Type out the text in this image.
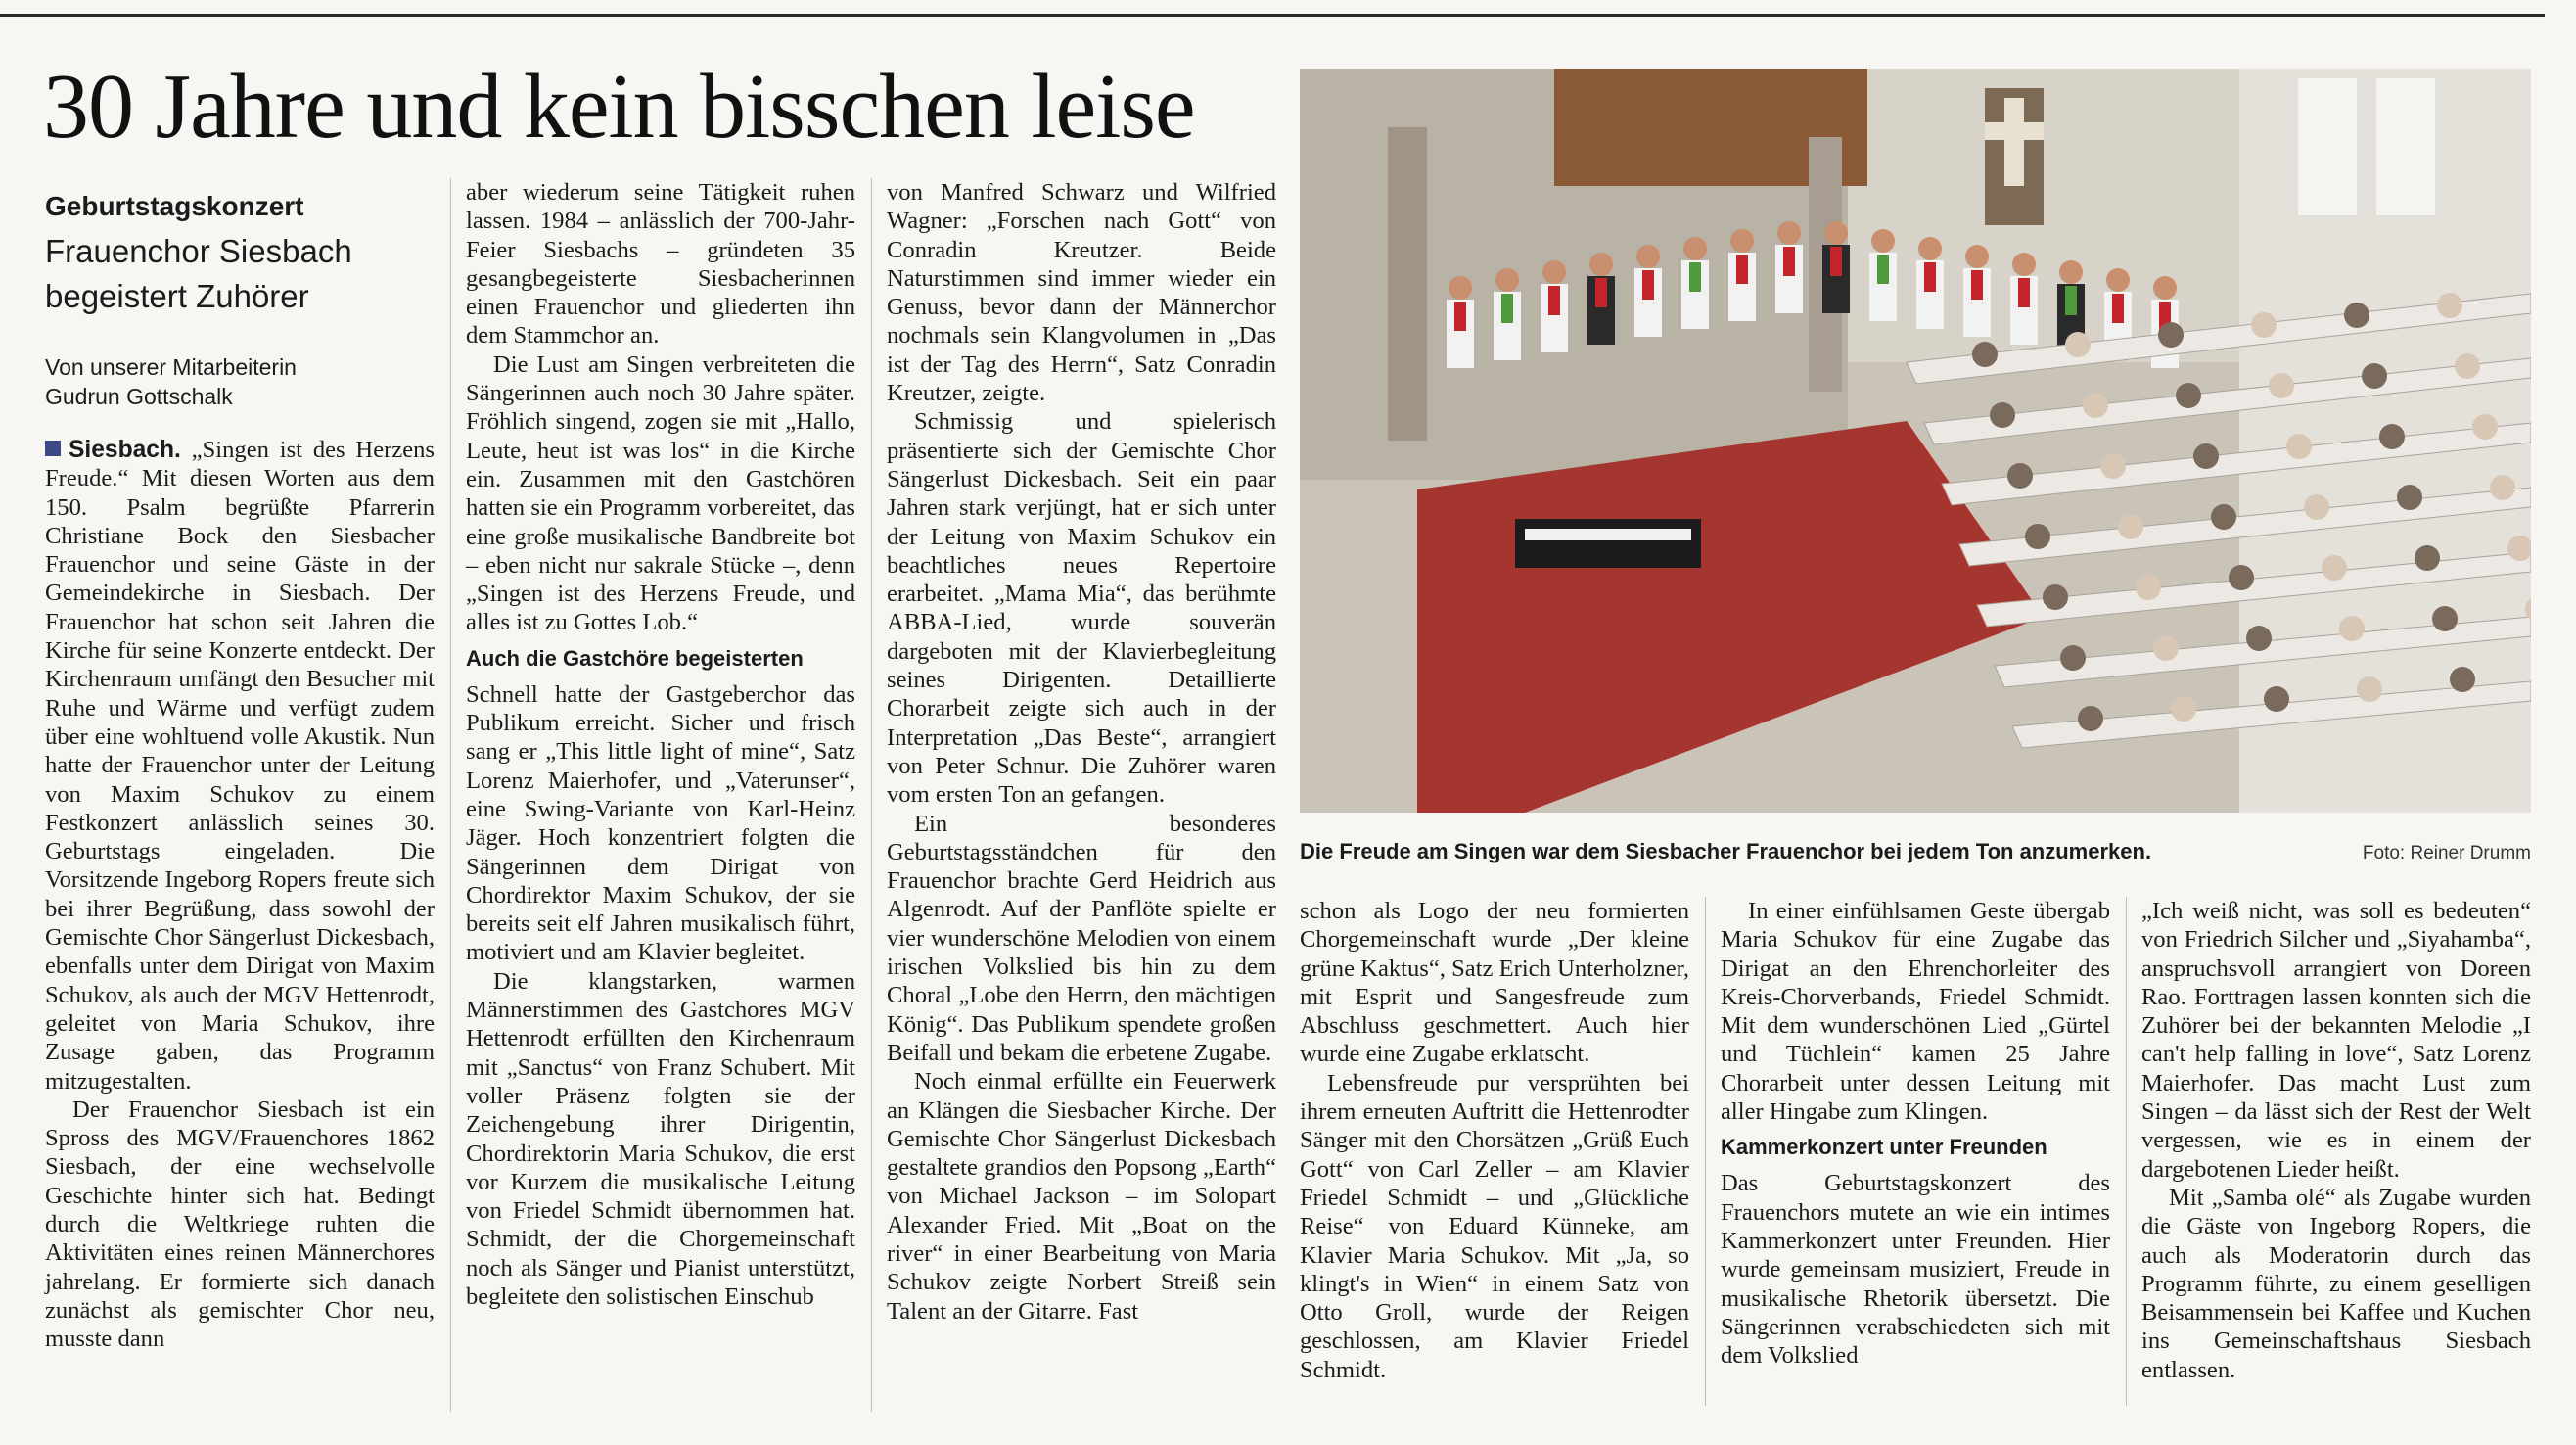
30 Jahre und kein bisschen leise
Geburtstagskonzert
Frauenchor Siesbach begeistert Zuhörer
Von unserer Mitarbeiterin
Gudrun Gottschalk

Siesbach. „Singen ist des Herzens Freude.“ Mit diesen Worten aus dem 150. Psalm begrüßte Pfarrerin Christiane Bock den Siesbacher Frauenchor und seine Gäste in der Gemeindekirche in Siesbach. Der Frauenchor hat schon seit Jahren die Kirche für seine Konzerte entdeckt. Der Kirchenraum umfängt den Besucher mit Ruhe und Wärme und verfügt zudem über eine wohltuend volle Akustik. Nun hatte der Frauenchor unter der Leitung von Maxim Schukov zu einem Festkonzert anlässlich seines 30. Geburtstags eingeladen. Die Vorsitzende Ingeborg Ropers freute sich bei ihrer Begrüßung, dass sowohl der Gemischte Chor Sängerlust Dickesbach, ebenfalls unter dem Dirigat von Maxim Schukov, als auch der MGV Hettenrodt, geleitet von Maria Schukov, ihre Zusage gaben, das Programm mitzugestalten.

Der Frauenchor Siesbach ist ein Spross des MGV/Frauenchores 1862 Siesbach, der eine wechselvolle Geschichte hinter sich hat. Bedingt durch die Weltkriege ruhten die Aktivitäten eines reinen Männerchores jahrelang. Er formierte sich danach zunächst als gemischter Chor neu, musste dann

aber wiederum seine Tätigkeit ruhen lassen. 1984 – anlässlich der 700-Jahr-Feier Siesbachs – gründeten 35 gesangbegeisterte Siesbacherinnen einen Frauenchor und gliederten ihn dem Stammchor an.

Die Lust am Singen verbreiteten die Sängerinnen auch noch 30 Jahre später. Fröhlich singend, zogen sie mit „Hallo, Leute, heut ist was los“ in die Kirche ein. Zusammen mit den Gastchören hatten sie ein Programm vorbereitet, das eine große musikalische Bandbreite bot – eben nicht nur sakrale Stücke –, denn „Singen ist des Herzens Freude, und alles ist zu Gottes Lob.“

Auch die Gastchöre begeisterten

Schnell hatte der Gastgeberchor das Publikum erreicht. Sicher und frisch sang er „This little light of mine“, Satz Lorenz Maierhofer, und „Vaterunser“, eine Swing-Variante von Karl-Heinz Jäger. Hoch konzentriert folgten die Sängerinnen dem Dirigat von Chordirektor Maxim Schukov, der sie bereits seit elf Jahren musikalisch führt, motiviert und am Klavier begleitet.

Die klangstarken, warmen Männerstimmen des Gastchores MGV Hettenrodt erfüllten den Kirchenraum mit „Sanctus“ von Franz Schubert. Mit voller Präsenz folgten sie der Zeichengebung ihrer Dirigentin, Chordirektorin Maria Schukov, die erst vor Kurzem die musikalische Leitung von Friedel Schmidt übernommen hat. Schmidt, der die Chorgemeinschaft noch als Sänger und Pianist unterstützt, begleitete den solistischen Einschub

von Manfred Schwarz und Wilfried Wagner: „Forschen nach Gott“ von Conradin Kreutzer. Beide Naturstimmen sind immer wieder ein Genuss, bevor dann der Männerchor nochmals sein Klangvolumen in „Das ist der Tag des Herrn“, Satz Conradin Kreutzer, zeigte.

Schmissig und spielerisch präsentierte sich der Gemischte Chor Sängerlust Dickesbach. Seit ein paar Jahren stark verjüngt, hat er sich unter der Leitung von Maxim Schukov ein beachtliches neues Repertoire erarbeitet. „Mama Mia“, das berühmte ABBA-Lied, wurde souverän dargeboten mit der Klavierbegleitung seines Dirigenten. Detaillierte Chorarbeit zeigte sich auch in der Interpretation „Das Beste“, arrangiert von Peter Schnur. Die Zuhörer waren vom ersten Ton an gefangen.

Ein besonderes Geburtstagsständchen für den Frauenchor brachte Gerd Heidrich aus Algenrodt. Auf der Panflöte spielte er vier wunderschöne Melodien von einem irischen Volkslied bis hin zu dem Choral „Lobe den Herrn, den mächtigen König“. Das Publikum spendete großen Beifall und bekam die erbetene Zugabe.

Noch einmal erfüllte ein Feuerwerk an Klängen die Siesbacher Kirche. Der Gemischte Chor Sängerlust Dickesbach gestaltete grandios den Popsong „Earth“ von Michael Jackson – im Solopart Alexander Fried. Mit „Boat on the river“ in einer Bearbeitung von Maria Schukov zeigte Norbert Streiß sein Talent an der Gitarre. Fast

Die Freude am Singen war dem Siesbacher Frauenchor bei jedem Ton anzumerken.	Foto: Reiner Drumm

schon als Logo der neu formierten Chorgemeinschaft wurde „Der kleine grüne Kaktus“, Satz Erich Unterholzner, mit Esprit und Sangesfreude zum Abschluss geschmettert. Auch hier wurde eine Zugabe erklatscht.

Lebensfreude pur versprühten bei ihrem erneuten Auftritt die Hettenrodter Sänger mit den Chorsätzen „Grüß Euch Gott“ von Carl Zeller – am Klavier Friedel Schmidt – und „Glückliche Reise“ von Eduard Künneke, am Klavier Maria Schukov. Mit „Ja, so klingt's in Wien“ in einem Satz von Otto Groll, wurde der Reigen geschlossen, am Klavier Friedel Schmidt.

In einer einfühlsamen Geste übergab Maria Schukov für eine Zugabe das Dirigat an den Ehrenchorleiter des Kreis-Chorverbands, Friedel Schmidt. Mit dem wunderschönen Lied „Gürtel und Tüchlein“ kamen 25 Jahre Chorarbeit unter dessen Leitung mit aller Hingabe zum Klingen.

Kammerkonzert unter Freunden

Das Geburtstagskonzert des Frauenchors mutete an wie ein intimes Kammerkonzert unter Freunden. Hier wurde gemeinsam musiziert, Freude in musikalische Rhetorik übersetzt. Die Sängerinnen verabschiedeten sich mit dem Volkslied

„Ich weiß nicht, was soll es bedeuten“ von Friedrich Silcher und „Siyahamba“, anspruchsvoll arrangiert von Doreen Rao. Forttragen lassen konnten sich die Zuhörer bei der bekannten Melodie „I can't help falling in love“, Satz Lorenz Maierhofer. Das macht Lust zum Singen – da lässt sich der Rest der Welt vergessen, wie es in einem der dargebotenen Lieder heißt.

Mit „Samba olé“ als Zugabe wurden die Gäste von Ingeborg Ropers, die auch als Moderatorin durch das Programm führte, zu einem geselligen Beisammensein bei Kaffee und Kuchen ins Gemeinschaftshaus Siesbach entlassen.
